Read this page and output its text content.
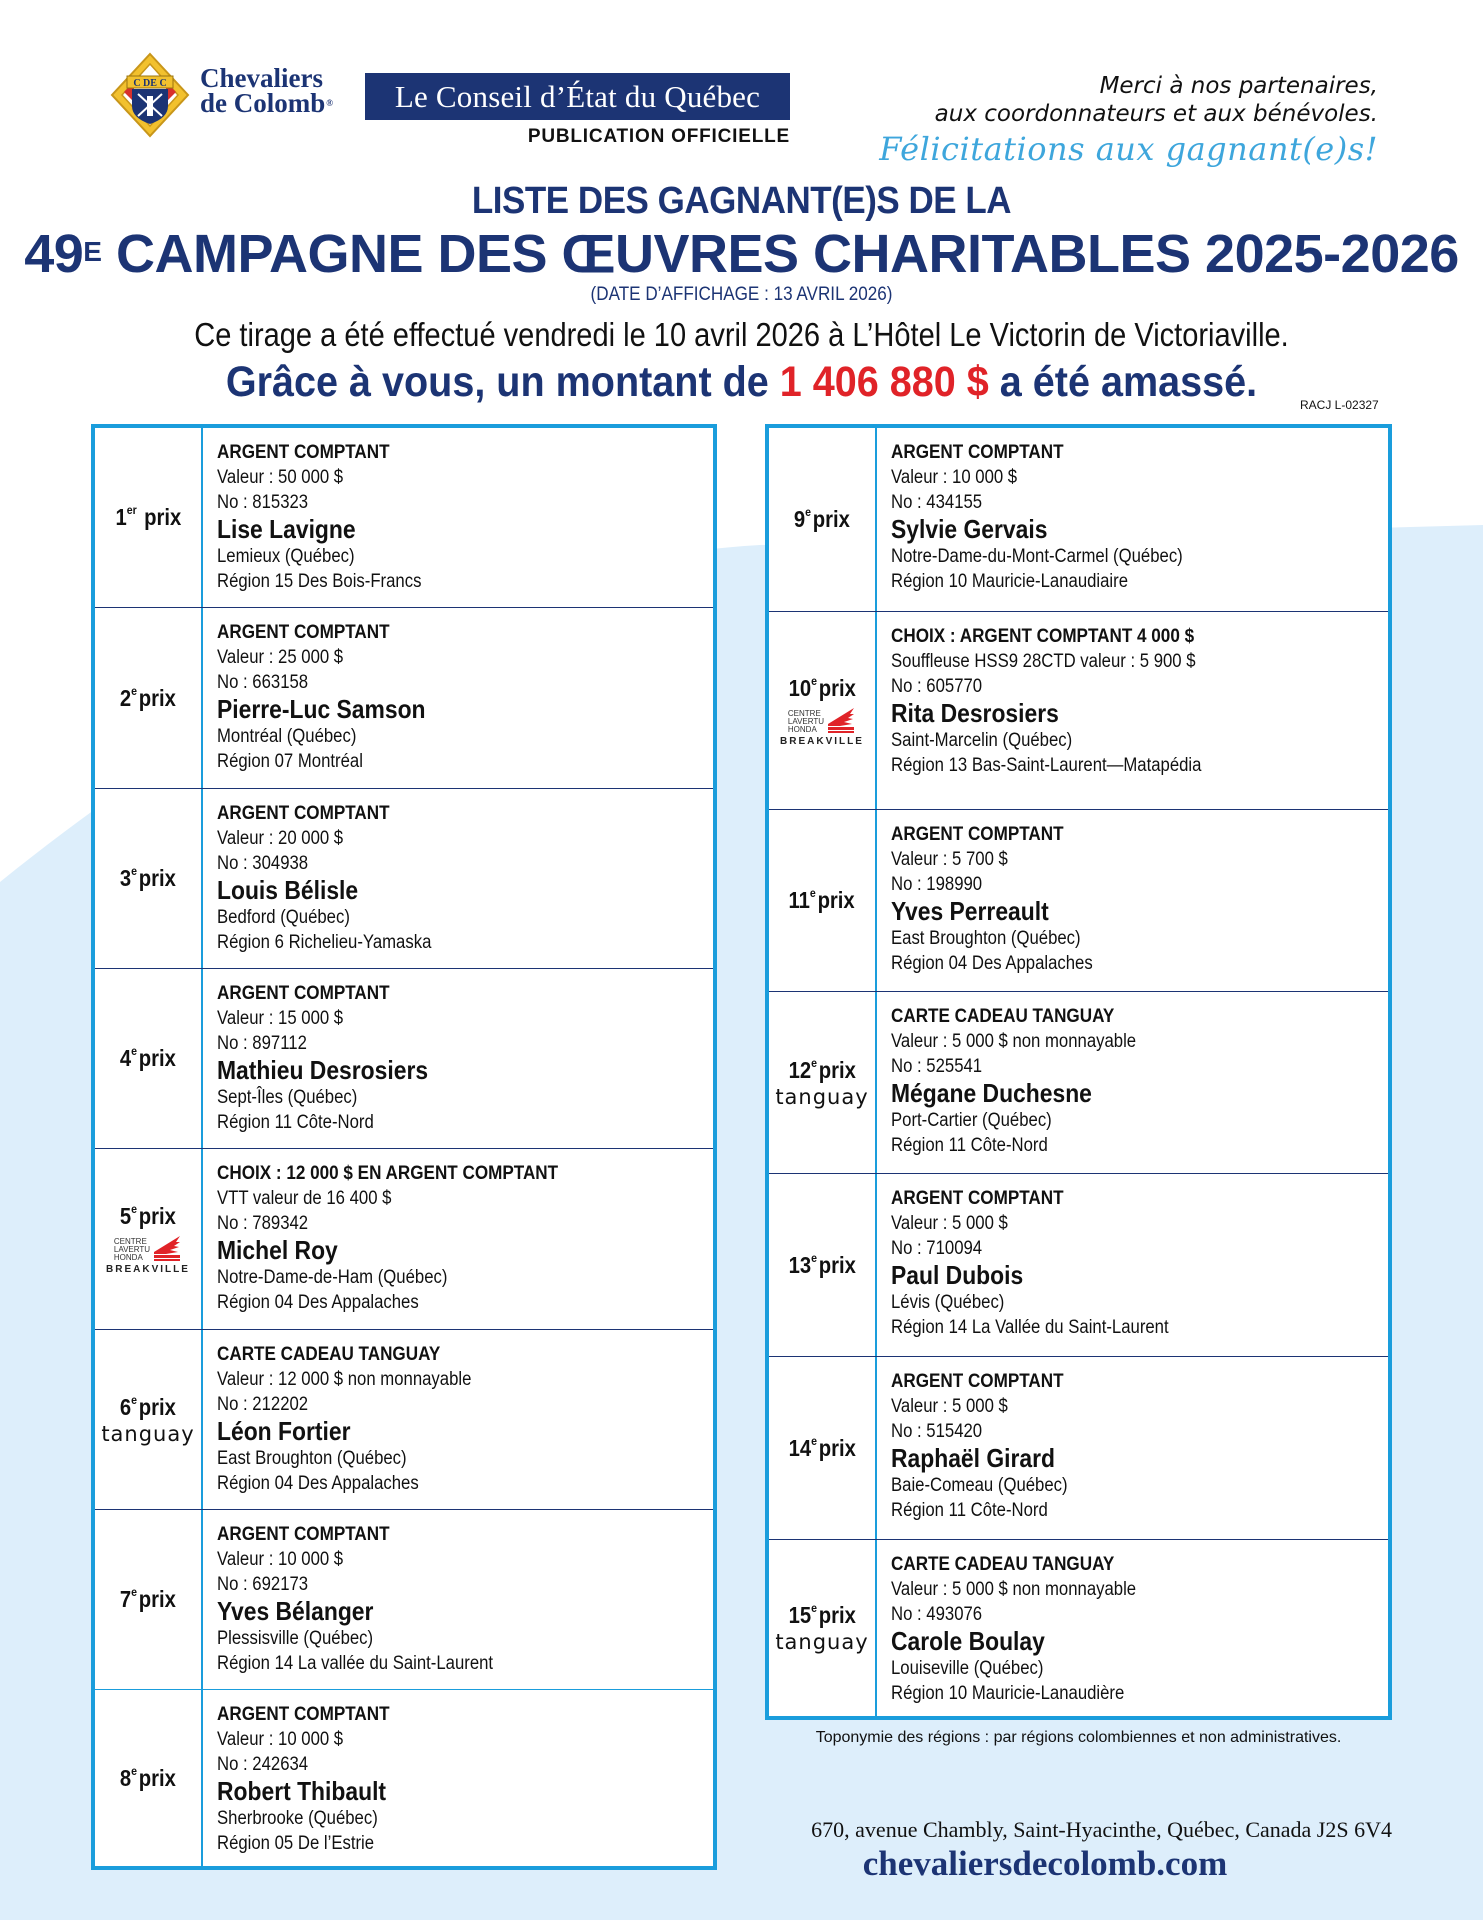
C DE C Chevaliers
de Colomb®	Le Conseil d’État du Québec
PUBLICATION OFFICIELLE
Merci à nos partenaires,
aux coordonnateurs et aux bénévoles.
Félicitations aux gagnant(e)s!
LISTE DES GAGNANT(E)S DE LA
$49^E$ CAMPAGNE DES ŒUVRES CHARITABLES 2025-2026
(DATE D’AFFICHAGE : 13 AVRIL 2026)
Ce tirage a été effectué vendredi le 10 avril 2026 à L’Hôtel Le Victorin de Victoriaville.
Grâce à vous, un montant de 1 406 880 $ a été amassé.	RACJ L-02327
1er prix
ARGENT COMPTANT
Valeur : 50 000 $
No : 815323
Lise Lavigne
Lemieux (Québec)
Région 15 Des Bois-Francs
2eprix
ARGENT COMPTANT
Valeur : 25 000 $
No : 663158
Pierre-Luc Samson
Montréal (Québec)
Région 07 Montréal
3eprix
ARGENT COMPTANT
Valeur : 20 000 $
No : 304938
Louis Bélisle
Bedford (Québec)
Région 6 Richelieu-Yamaska
4eprix
ARGENT COMPTANT
Valeur : 15 000 $
No : 897112
Mathieu Desrosiers
Sept-Îles (Québec)
Région 11 Côte-Nord
5eprix
CENTRE
LAVERTU
HONDA
BREAKVILLE
CHOIX : 12 000 $ EN ARGENT COMPTANT
VTT valeur de 16 400 $
No : 789342
Michel Roy
Notre-Dame-de-Ham (Québec)
Région 04 Des Appalaches
6eprix
tanguay
CARTE CADEAU TANGUAY
Valeur : 12 000 $ non monnayable
No : 212202
Léon Fortier
East Broughton (Québec)
Région 04 Des Appalaches
7eprix
ARGENT COMPTANT
Valeur : 10 000 $
No : 692173
Yves Bélanger
Plessisville (Québec)
Région 14 La vallée du Saint-Laurent
8eprix
ARGENT COMPTANT
Valeur : 10 000 $
No : 242634
Robert Thibault
Sherbrooke (Québec)
Région 05 De l’Estrie
9eprix
ARGENT COMPTANT
Valeur : 10 000 $
No : 434155
Sylvie Gervais
Notre-Dame-du-Mont-Carmel (Québec)
Région 10 Mauricie-Lanaudiaire
10eprix
CENTRE
LAVERTU
HONDA
BREAKVILLE
CHOIX : ARGENT COMPTANT 4 000 $
Souffleuse HSS9 28CTD valeur : 5 900 $
No : 605770
Rita Desrosiers
Saint-Marcelin (Québec)
Région 13 Bas-Saint-Laurent—Matapédia
11eprix
ARGENT COMPTANT
Valeur : 5 700 $
No : 198990
Yves Perreault
East Broughton (Québec)
Région 04 Des Appalaches
12eprix
tanguay
CARTE CADEAU TANGUAY
Valeur : 5 000 $ non monnayable
No : 525541
Mégane Duchesne
Port-Cartier (Québec)
Région 11 Côte-Nord
13eprix
ARGENT COMPTANT
Valeur : 5 000 $
No : 710094
Paul Dubois
Lévis (Québec)
Région 14 La Vallée du Saint-Laurent
14eprix
ARGENT COMPTANT
Valeur : 5 000 $
No : 515420
Raphaël Girard
Baie-Comeau (Québec)
Région 11 Côte-Nord
15eprix
tanguay
CARTE CADEAU TANGUAY
Valeur : 5 000 $ non monnayable
No : 493076
Carole Boulay
Louiseville (Québec)
Région 10 Mauricie-Lanaudière
Toponymie des régions : par régions colombiennes et non administratives.
670, avenue Chambly, Saint-Hyacinthe, Québec, Canada J2S 6V4
chevaliersdecolomb.com
